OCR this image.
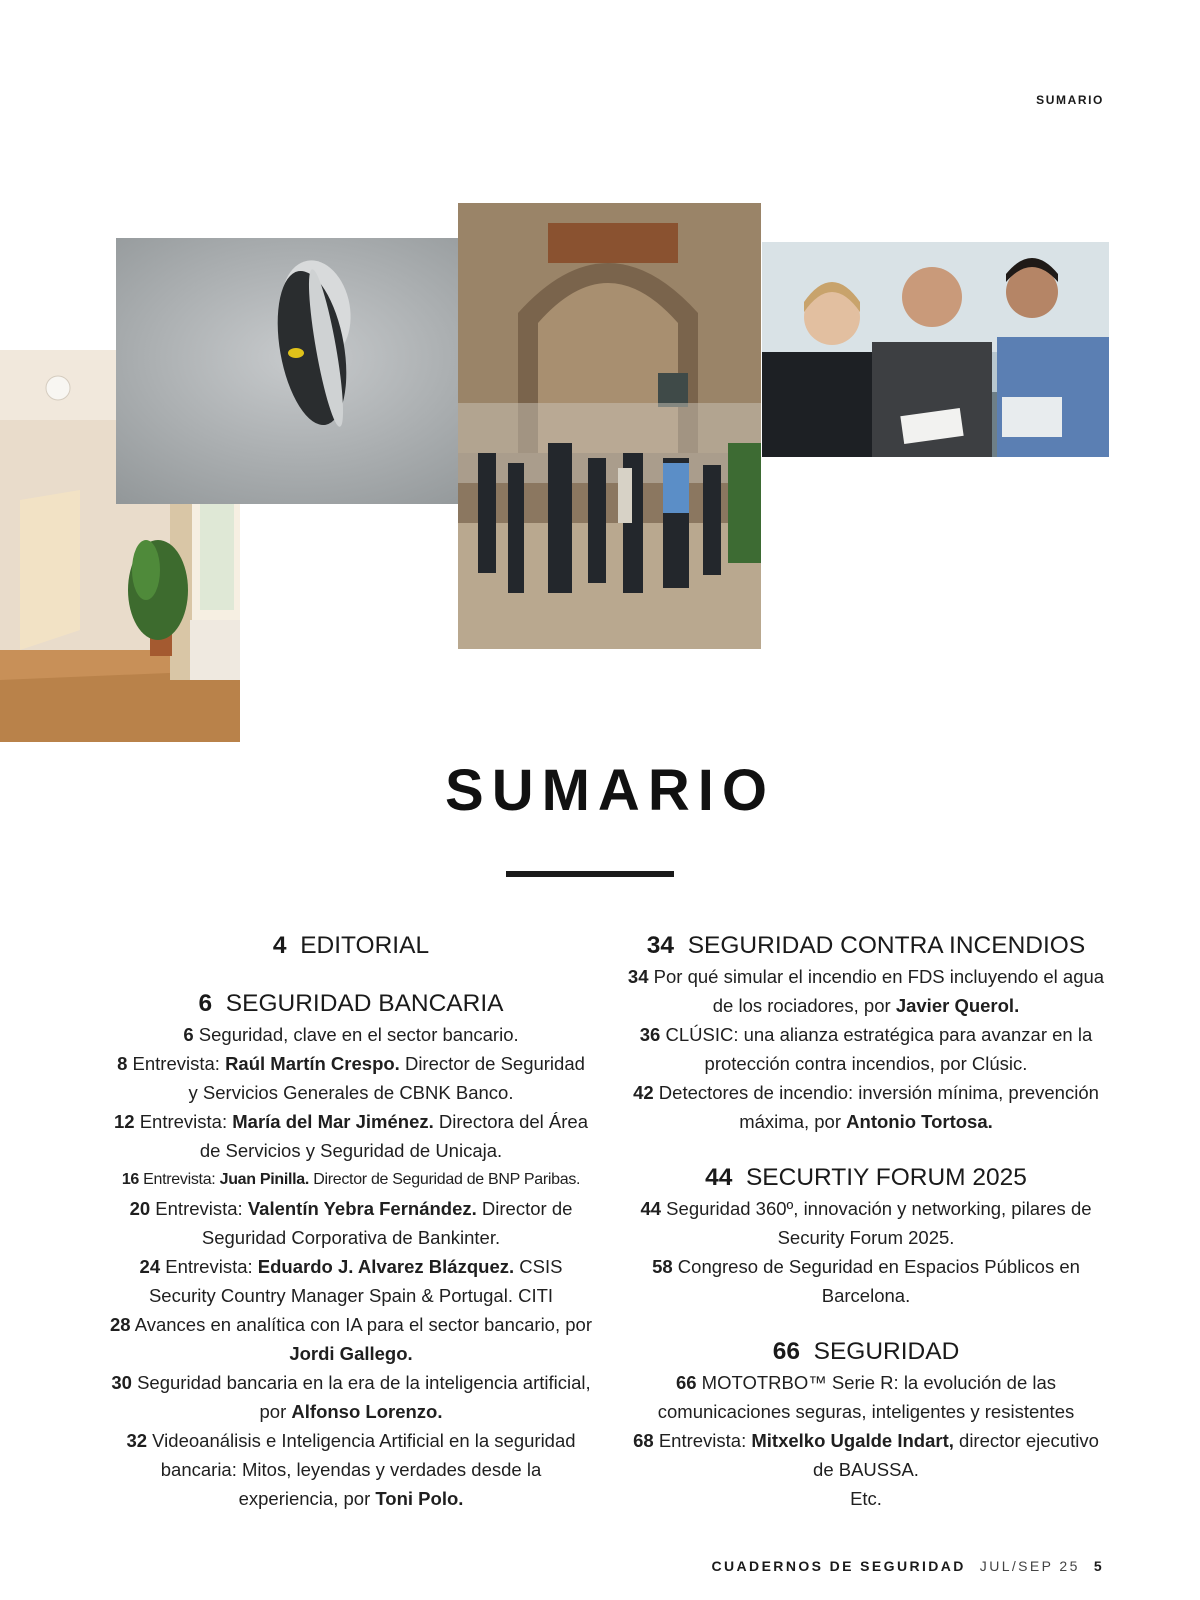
SUMARIO
SUMARIO
4 EDITORIAL
6 SEGURIDAD BANCARIA
6 Seguridad, clave en el sector bancario.
8 Entrevista: Raúl Martín Crespo. Director de Seguridad y Servicios Generales de CBNK Banco.
12 Entrevista: María del Mar Jiménez. Directora del Área de Servicios y Seguridad de Unicaja.
16 Entrevista: Juan Pinilla. Director de Seguridad de BNP Paribas.
20 Entrevista: Valentín Yebra Fernández. Director de Seguridad Corporativa de Bankinter.
24 Entrevista: Eduardo J. Alvarez Blázquez. CSIS Security Country Manager Spain & Portugal. CITI
28 Avances en analítica con IA para el sector bancario, por Jordi Gallego.
30 Seguridad bancaria en la era de la inteligencia artificial, por Alfonso Lorenzo.
32 Videoanálisis e Inteligencia Artificial en la seguridad bancaria: Mitos, leyendas y verdades desde la experiencia, por Toni Polo.
34 SEGURIDAD CONTRA INCENDIOS
34 Por qué simular el incendio en FDS incluyendo el agua de los rociadores, por Javier Querol.
36 CLÚSIC: una alianza estratégica para avanzar en la protección contra incendios, por Clúsic.
42 Detectores de incendio: inversión mínima, prevención máxima, por Antonio Tortosa.
44 SECURTIY FORUM 2025
44 Seguridad 360º, innovación y networking, pilares de Security Forum 2025.
58 Congreso de Seguridad en Espacios Públicos en Barcelona.
66 SEGURIDAD
66 MOTOTRBO™ Serie R: la evolución de las comunicaciones seguras, inteligentes y resistentes
68 Entrevista: Mitxelko Ugalde Indart, director ejecutivo de BAUSSA.
Etc.
CUADERNOS DE SEGURIDAD JUL/SEP 25 5
